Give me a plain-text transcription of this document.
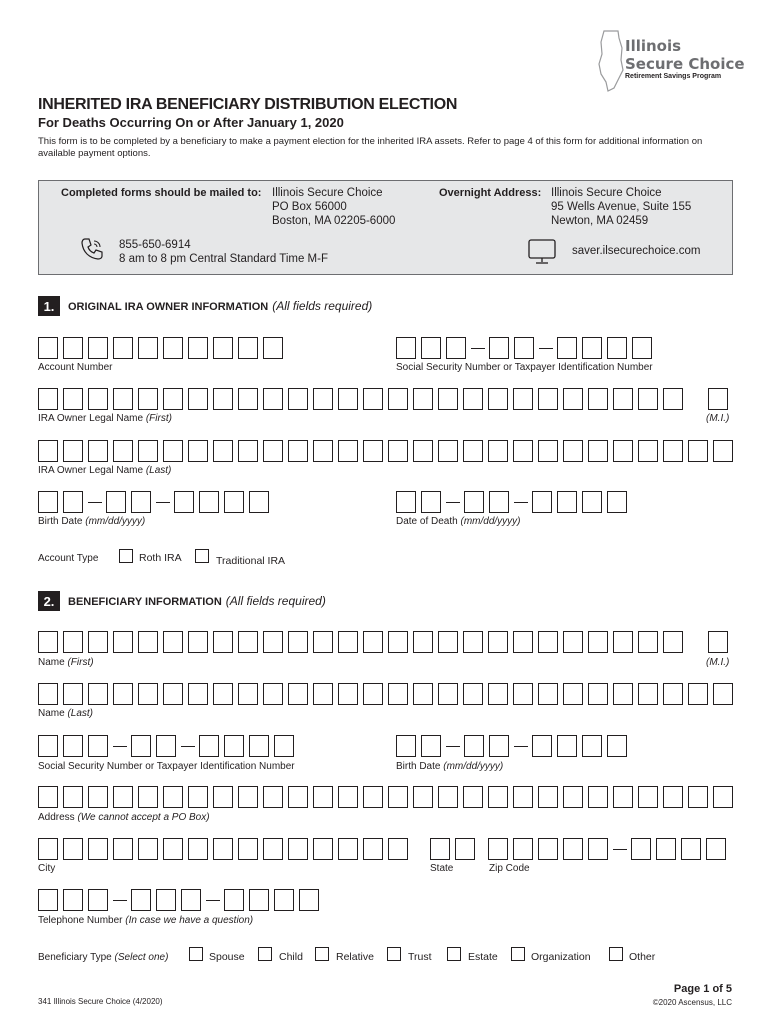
Illinois
Secure Choice
Retirement Savings Program
INHERITED IRA BENEFICIARY DISTRIBUTION ELECTION
For Deaths Occurring On or After January 1, 2020
This form is to be completed by a beneficiary to make a payment election for the inherited IRA assets. Refer to page 4 of this form for additional information on available payment options.
Completed forms should be mailed to: Illinois Secure Choice
PO Box 56000
Boston, MA 02205-6000
Overnight Address: Illinois Secure Choice
95 Wells Avenue, Suite 155
Newton, MA 02459
855-650-6914
8 am to 8 pm Central Standard Time M-F
saver.ilsecurechoice.com
1.	ORIGINAL IRA OWNER INFORMATION (All fields required)
Account Number	Social Security Number or Taxpayer Identification Number
IRA Owner Legal Name (First)	(M.I.)
IRA Owner Legal Name (Last)
Birth Date (mm/dd/yyyy)	Date of Death (mm/dd/yyyy)
Account Type	Roth IRA	Traditional IRA
2.	BENEFICIARY INFORMATION (All fields required)
Name (First)	(M.I.)
Name (Last)
Social Security Number or Taxpayer Identification Number	Birth Date (mm/dd/yyyy)
Address (We cannot accept a PO Box)
City	State	Zip Code
Telephone Number (In case we have a question)
Beneficiary Type (Select one)
341 Illinois Secure Choice (4/2020)
Page 1 of 5
©2020 Ascensus, LLC
Spouse	Child	Relative	Trust	Estate	Organization	Other
